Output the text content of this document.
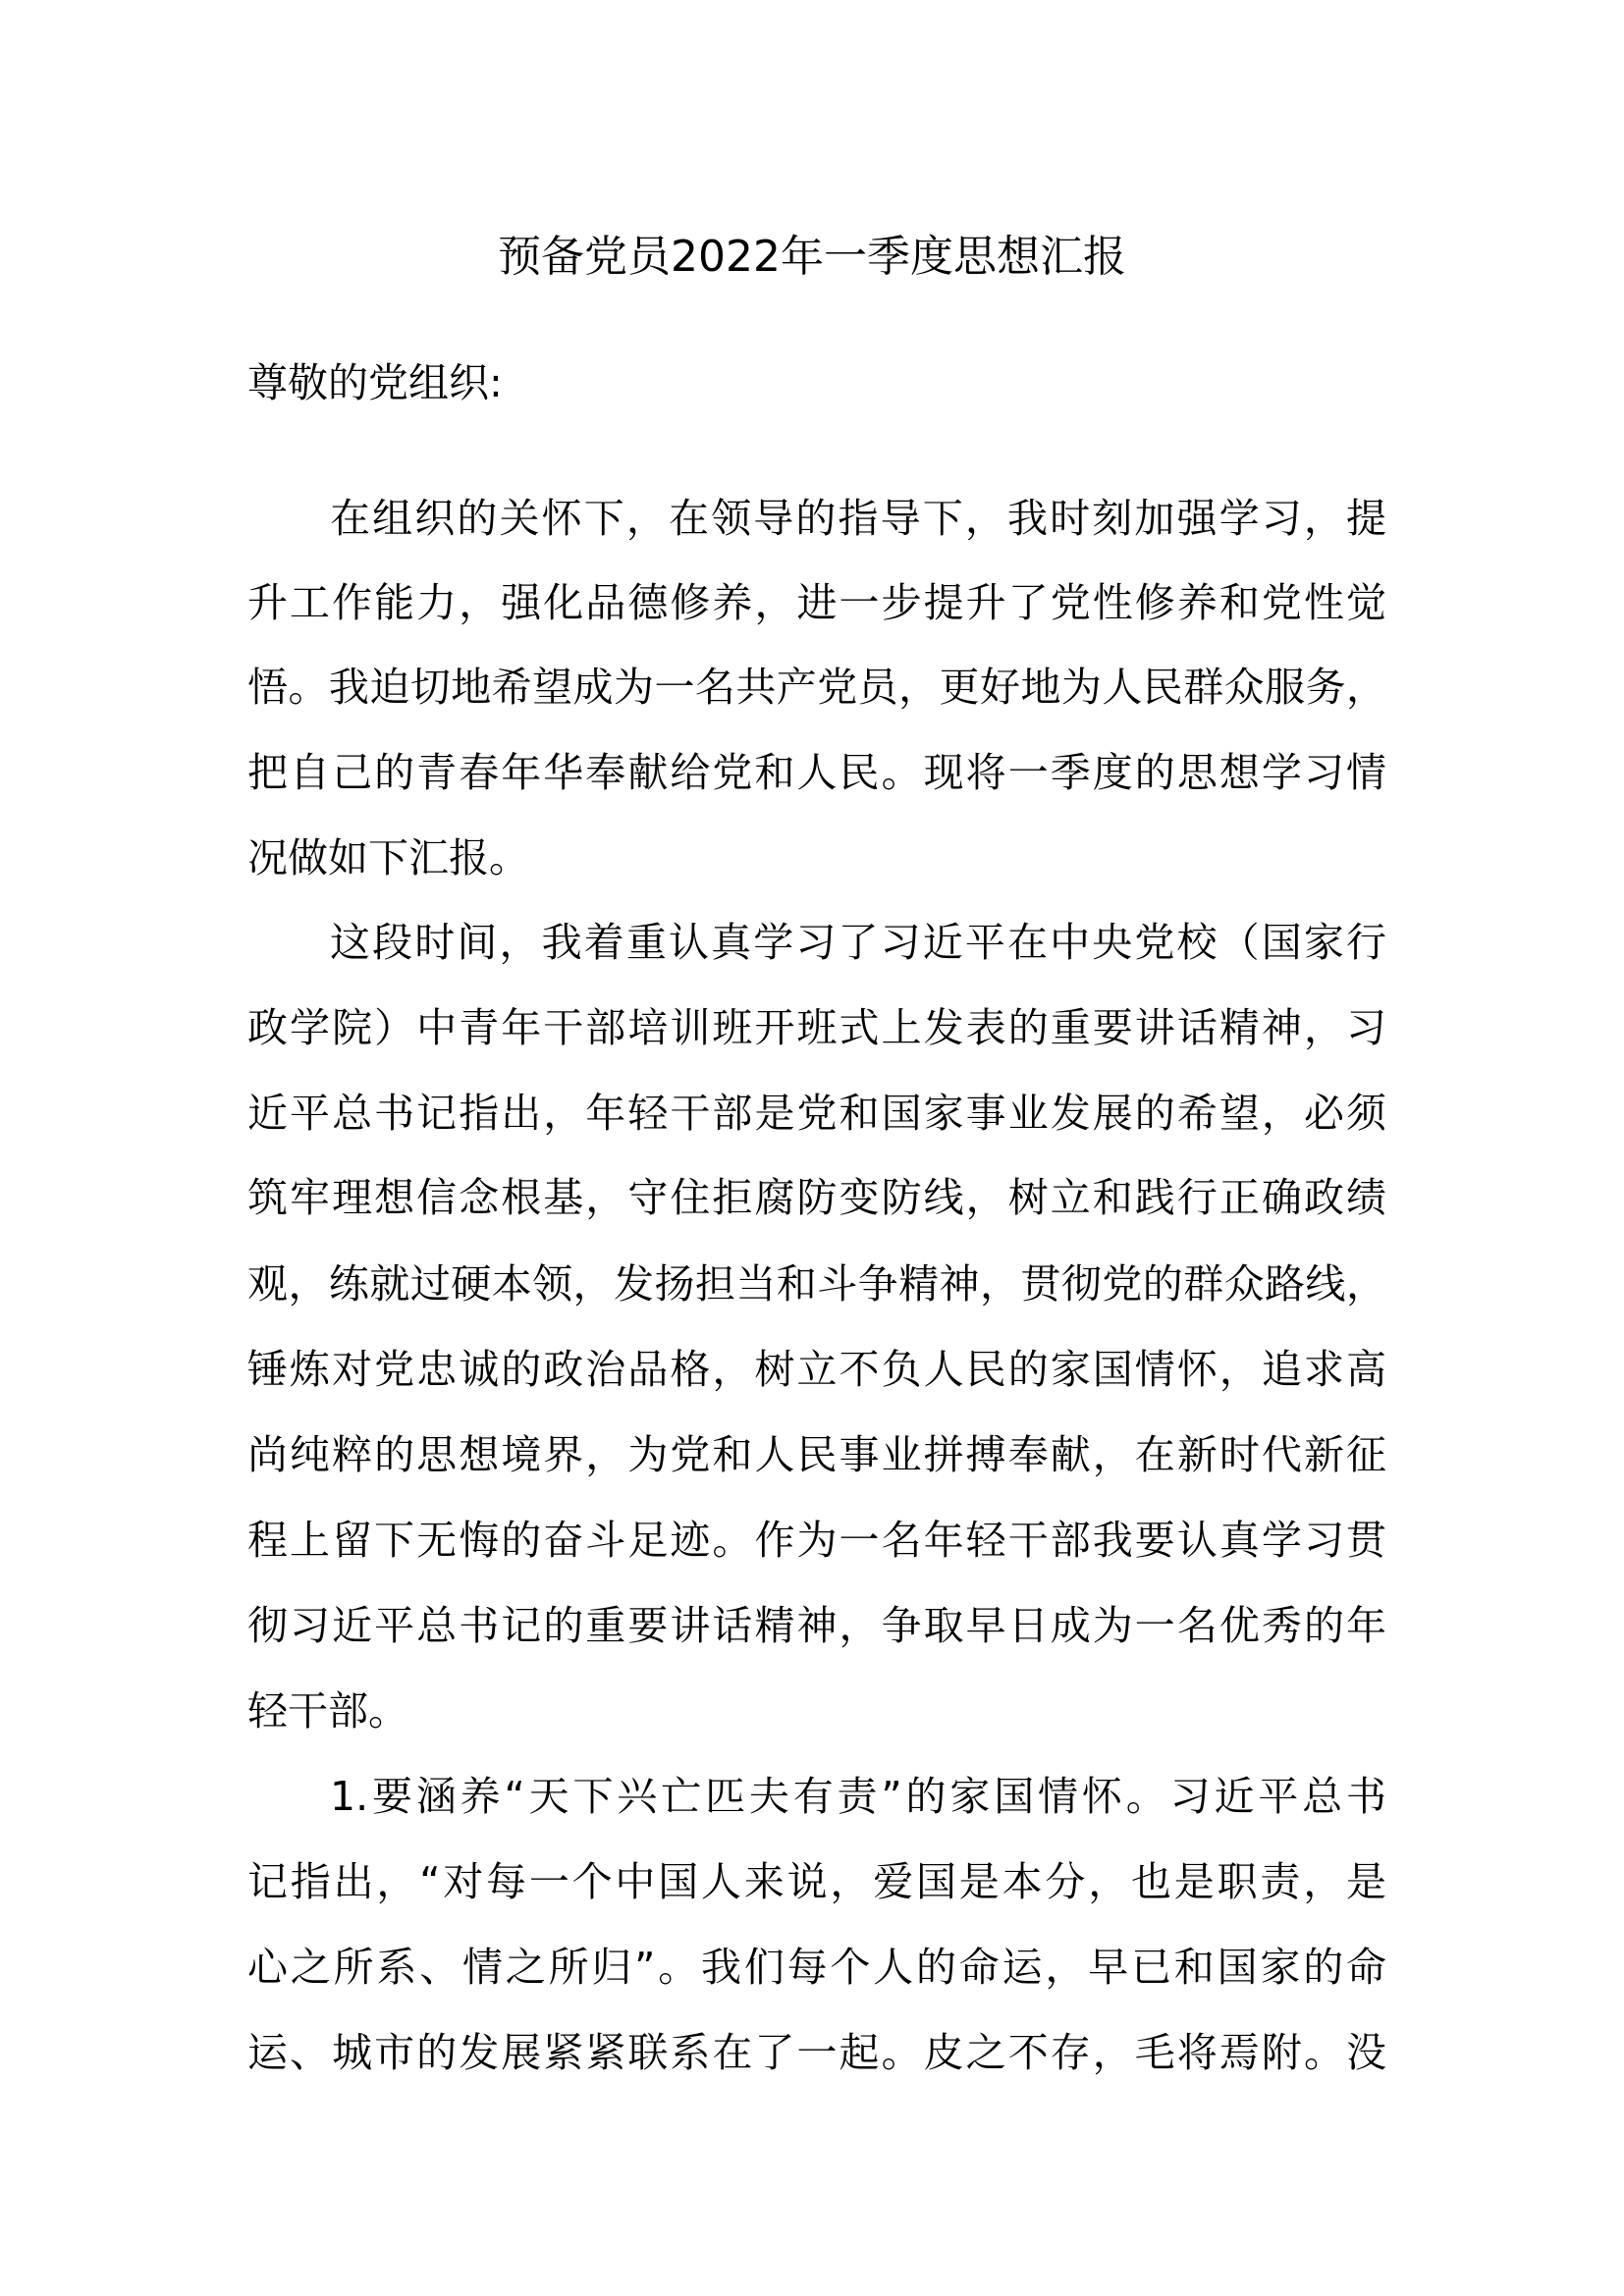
预备党员2022年一季度思想汇报
尊敬的党组织:
在组织的关怀下，在领导的指导下，我时刻加强学习，提
升工作能力，强化品德修养，进一步提升了党性修养和党性觉
悟。我迫切地希望成为一名共产党员，更好地为人民群众服务，
把自己的青春年华奉献给党和人民。现将一季度的思想学习情
况做如下汇报。
这段时间，我着重认真学习了习近平在中央党校（国家行
政学院）中青年干部培训班开班式上发表的重要讲话精神，习
近平总书记指出，年轻干部是党和国家事业发展的希望，必须
筑牢理想信念根基，守住拒腐防变防线，树立和践行正确政绩
观，练就过硬本领，发扬担当和斗争精神，贯彻党的群众路线，
锤炼对党忠诚的政治品格，树立不负人民的家国情怀，追求高
尚纯粹的思想境界，为党和人民事业拼搏奉献，在新时代新征
程上留下无悔的奋斗足迹。作为一名年轻干部我要认真学习贯
彻习近平总书记的重要讲话精神，争取早日成为一名优秀的年
轻干部。
1.要涵养“天下兴亡匹夫有责”的家国情怀。习近平总书
记指出，“对每一个中国人来说，爱国是本分，也是职责，是
心之所系、情之所归”。我们每个人的命运，早已和国家的命
运、城市的发展紧紧联系在了一起。皮之不存，毛将焉附。没
